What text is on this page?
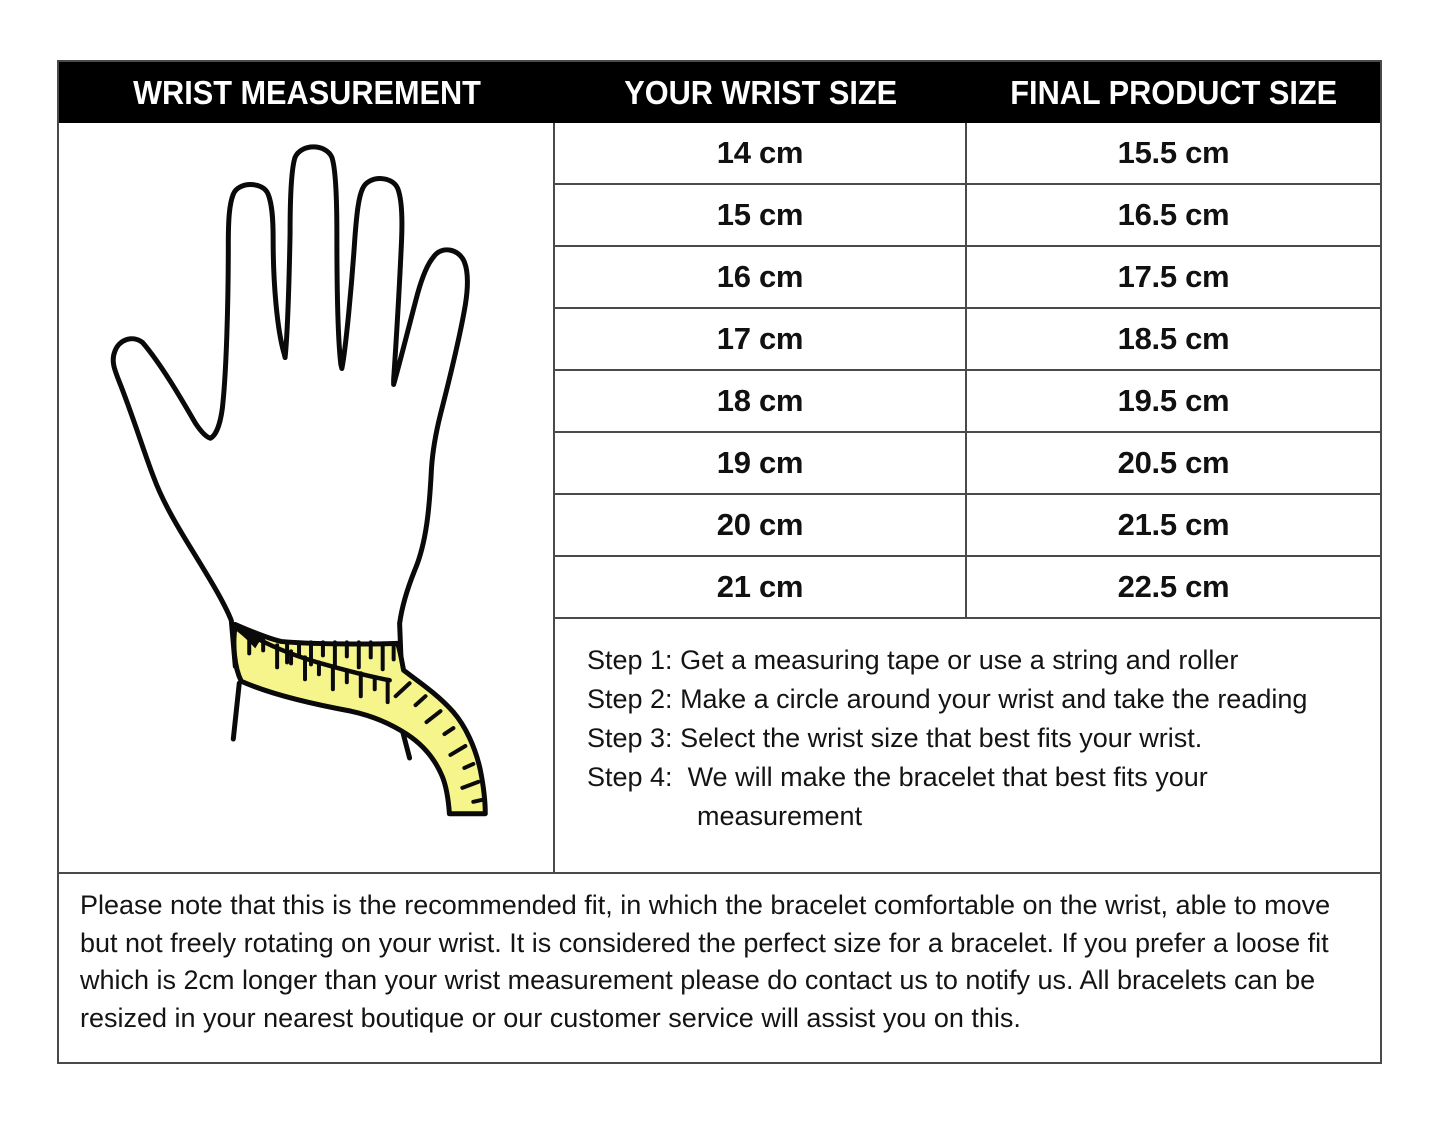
WRIST MEASUREMENT	YOUR WRIST SIZE	FINAL PRODUCT SIZE
14 cm	15.5 cm
15 cm	16.5 cm
16 cm	17.5 cm
17 cm	18.5 cm
18 cm	19.5 cm
19 cm	20.5 cm
20 cm	21.5 cm
21 cm	22.5 cm
Step 1: Get a measuring tape or use a string and roller
Step 2: Make a circle around your wrist and take the reading
Step 3: Select the wrist size that best fits your wrist.
Step 4:  We will make the bracelet that best fits your
measurement

Please note that this is the recommended fit, in which the bracelet comfortable on the wrist, able to move but not freely rotating on your wrist. It is considered the perfect size for a bracelet. If you prefer a loose fit which is 2cm longer than your wrist measurement please do contact us to notify us. All bracelets can be resized in your nearest boutique or our customer service will assist you on this.
